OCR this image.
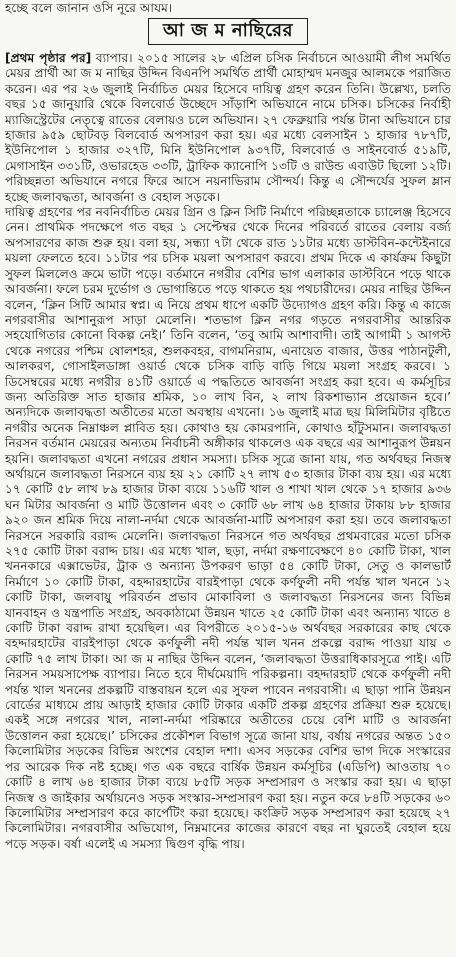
হচ্ছে বলে জানান ওসি নূরে আযম।
আ জ ম নাছিরের

[প্রথম পৃষ্ঠার পর] ব্যাপার। ২০১৫ সালের ২৮ এপ্রিল চসিক নির্বাচনে আওয়ামী লীগ সমর্থিত মেয়র প্রার্থী আ জ ম নাছির উদ্দিন বিএনপি সমর্থিত প্রার্থী মোহাম্মদ মনজুর আলমকে পরাজিত করেন। এর পর ২৬ জুলাই নির্বাচিত মেয়র হিসেবে দায়িত্ব গ্রহণ করেন তিনি। উল্লেখ্য, চলতি বছর ১৫ জানুয়ারি থেকে বিলবোর্ড উচ্ছেদে সাঁড়াশি অভিযানে নামে চসিক। চসিকের নির্বাহী ম্যাজিস্ট্রেটের নেতৃত্বে রাতের বেলায়ও চলে অভিযান। ২৭ ফেব্রুয়ারি পর্যন্ত টানা অভিযানে চার হাজার ৯৫৯ ছোটবড় বিলবোর্ড অপসারণ করা হয়। এর মধ্যে বেলসাইন ১ হাজার ৭৮৭টি, ইউনিপোল ১ হাজার ৩২৭টি, মিনি ইউনিপোল ৯৩৭টি, বিলবোর্ড ও সাইনবোর্ড ৫১৯টি, মেগাসাইন ৩৩১টি, ওভারহেড ৩৩টি, ট্রাফিক ক্যানোপি ১৩টি ও রাউন্ড এবাউট ছিলো ১২টি। পরিচ্ছন্নতা অভিযানে নগরে ফিরে আসে নয়নাভিরাম সৌন্দর্য। কিন্তু এ সৌন্দর্যের সুফল ম্লান হচ্ছে জলাবদ্ধতা, আবর্জনা ও বেহাল সড়কে।

দায়িত্ব গ্রহণের পর নবনির্বাচিত মেয়র গ্রিন ও ক্লিন সিটি নির্মাণে পরিচ্ছন্নতাকে চ্যালেঞ্জ হিসেবে নেন। প্রাথমিক পদক্ষেপে গত বছর ১ সেপ্টেম্বর থেকে দিনের পরিবর্তে রাতের বেলায় বর্জ্য অপসারণের কাজ শুরু হয়। বলা হয়, সন্ধ্যা ৭টা থেকে রাত ১১টার মধ্যে ডাস্টবিন-কন্টেইনারে ময়লা ফেলতে হবে। ১১টার পর চসিক ময়লা অপসারণ করবে। প্রথম দিকে এ কার্যক্রম কিছুটা সুফল মিললেও ক্রমে ভাটা পড়ে। বর্তমানে নগরীর বেশির ভাগ এলাকার ডাস্টবিনে পড়ে থাকে আবর্জনা। ফলে চরম দুর্ভোগ ও ভোগান্তিতে পড়ে থাকতে হয় পথচারীদের। মেয়র নাছির উদ্দিন বলেন, ‘ক্লিন সিটি আমার স্বপ্ন। এ নিয়ে প্রথম ধাপে একটি উদ্যোগও গ্রহণ করি। কিন্তু এ কাজে নগরবাসীর আশানুরূপ সাড়া মেলেনি। শতভাগ ক্লিন নগর গড়তে নগরবাসীর আন্তরিক সহযোগিতার কোনো বিকল্প নেই।’ তিনি বলেন, ‘তবু আমি আশাবাদী। তাই আগামী ১ আগস্ট থেকে নগরের পশ্চিম ষোলশহর, শুলকবহর, বাগমনিরাম, এনায়েত বাজার, উত্তর পাঠানটুলী, আলকরণ, গোসাইলডাঙ্গা ওয়ার্ড থেকে চসিক বাড়ি বাড়ি গিয়ে ময়লা সংগ্রহ করবে। ১ ডিসেম্বরের মধ্যে নগরীর ৪১টি ওয়ার্ডে এ পদ্ধতিতে আবর্জনা সংগ্রহ করা হবে। এ কর্মসূচির জন্য অতিরিক্ত সাত হাজার শ্রমিক, ১০ লাখ বিন, ২ লাখ রিকশাভ্যান প্রয়োজন হবে।’ অন্যদিকে জলাবদ্ধতা অতীতের মতো অবস্থায় এখনো। ১৬ জুলাই মাত্র ছয় মিলিমিটার বৃষ্টিতে নগরীর অনেক নিম্নাঞ্চল প্লাবিত হয়। কোথাও হয় কোমরপানি, কোথাও হাঁটুসমান। জলাবদ্ধতা নিরসন বর্তমান মেয়রের অন্যতম নির্বাচনী অঙ্গীকার থাকলেও এক বছরে এর আশানুরূপ উন্নয়ন হয়নি। জলাবদ্ধতা এখনো নগরের প্রধান সমস্যা। চসিক সূত্রে জানা যায়, গত অর্থবছর নিজস্ব অর্থায়নে জলাবদ্ধতা নিরসনে ব্যয় হয় ২১ কোটি ২৭ লাখ ৫৩ হাজার টাকা ব্যয় হয়। এর মধ্যে ১৭ কোটি ৫৮ লাখ ৮৯ হাজার টাকা ব্যয়ে ১১৬টি খাল ও শাখা খাল থেকে ১৭ হাজার ৯৩৬ ঘন মিটার আবর্জনা ও মাটি উত্তোলন এবং ৩ কোটি ৬৮ লাখ ৬৪ হাজার টাকায় ৮৮ হাজার ৯২০ জন শ্রমিক দিয়ে নালা-নর্দমা থেকে আবর্জনা-মাটি অপসারণ করা হয়। তবে জলাবদ্ধতা নিরসনে সরকারি বরাদ্দ মেলেনি। জলাবদ্ধতা নিরসনে গত অর্থবছর প্রথমবারের মতো চসিক ২৭৫ কোটি টাকা বরাদ্দ চায়। এর মধ্যে খাল, ছড়া, নর্দমা রক্ষণাবেক্ষণে ৪০ কোটি টাকা, খাল খননকারে এক্সাভেটর, ট্রাক ও অন্যান্য উপকরণ ভাড়া ৫৪ কোটি টাকা, সেতু ও কালভার্ট নির্মাণে ১০ কোটি টাকা, বহদ্দারহাটের বারইপাড়া থেকে কর্ণফুলী নদী পর্যন্ত খাল খননে ১২ কোটি টাকা, জলবায়ু পরিবর্তন প্রভাব মোকাবিলা ও জলাবদ্ধতা নিরসনের জন্য বিভিন্ন যানবাহন ও যন্ত্রপাতি সংগ্রহ, অবকাঠামো উন্নয়ন খাতে ২৫ কোটি টাকা এবং অন্যান্য খাতে ৪ কোটি টাকা বরাদ্দ রাখা হয়েছিল। এর বিপরীতে ২০১৫-১৬ অর্থবছর সরকারের কাছ থেকে বহদ্দারহাটের বারইপাড়া থেকে কর্ণফুলী নদী পর্যন্ত খাল খনন প্রকল্পে বরাদ্দ পাওয়া যায় ৩ কোটি ৭৫ লাখ টাকা। আ জ ম নাছির উদ্দিন বলেন, ‘জলাবদ্ধতা উত্তরাধিকারসূত্রে পাই। এটি নিরসন সময়সাপেক্ষ ব্যাপার। নিতে হবে দীর্ঘমেয়াদি পরিকল্পনা। বহদ্দারহাট থেকে কর্ণফুলী নদী পর্যন্ত খাল খননের প্রকল্পটি বাস্তবায়ন হলে এর সুফল পাবেন নগরবাসী। এ ছাড়া পানি উন্নয়ন বোর্ডের মাধ্যমে প্রায় আড়াই হাজার কোটি টাকার একটি প্রকল্প গ্রহণের প্রক্রিয়া শুরু হয়েছে। একই সঙ্গে নগরের খাল, নালা-নর্দমা পরিষ্কারে অতীতের চেয়ে বেশি মাটি ও আবর্জনা উত্তোলন করা হয়েছে।’ চসিকের প্রকৌশল বিভাগ সূত্রে জানা যায়, বর্ষায় নগরের অন্তত ১৫০ কিলোমিটার সড়কের বিভিন্ন অংশের বেহাল দশা। এসব সড়কের বেশির ভাগ দিকে সংস্কারের পর আরেক দিক নষ্ট হচ্ছে। গত এক বছরে বার্ষিক উন্নয়ন কর্মসূচির (এডিপি) আওতায় ৭০ কোটি ৪ লাখ ৬৪ হাজার টাকা ব্যয়ে ৮৫টি সড়ক সম্প্রসারণ ও সংস্কার করা হয়। এ ছাড়া নিজস্ব ও জাইকার অর্থায়নেও সড়ক সংস্কার-সম্প্রসারণ করা হয়। নতুন করে ৮৪টি সড়কের ৬০ কিলোমিটার সম্প্রসারণ করে কার্পেটিং করা হয়েছে। কংক্রিট সড়ক সম্প্রসারণ করা হয়েছে ২৭ কিলোমিটার। নগরবাসীর অভিযোগ, নিম্নমানের কাজের কারণে বছর না ঘুরতেই বেহাল হয়ে পড়ে সড়ক। বর্ষা এলেই এ সমস্যা দ্বিগুণ বৃদ্ধি পায়।
